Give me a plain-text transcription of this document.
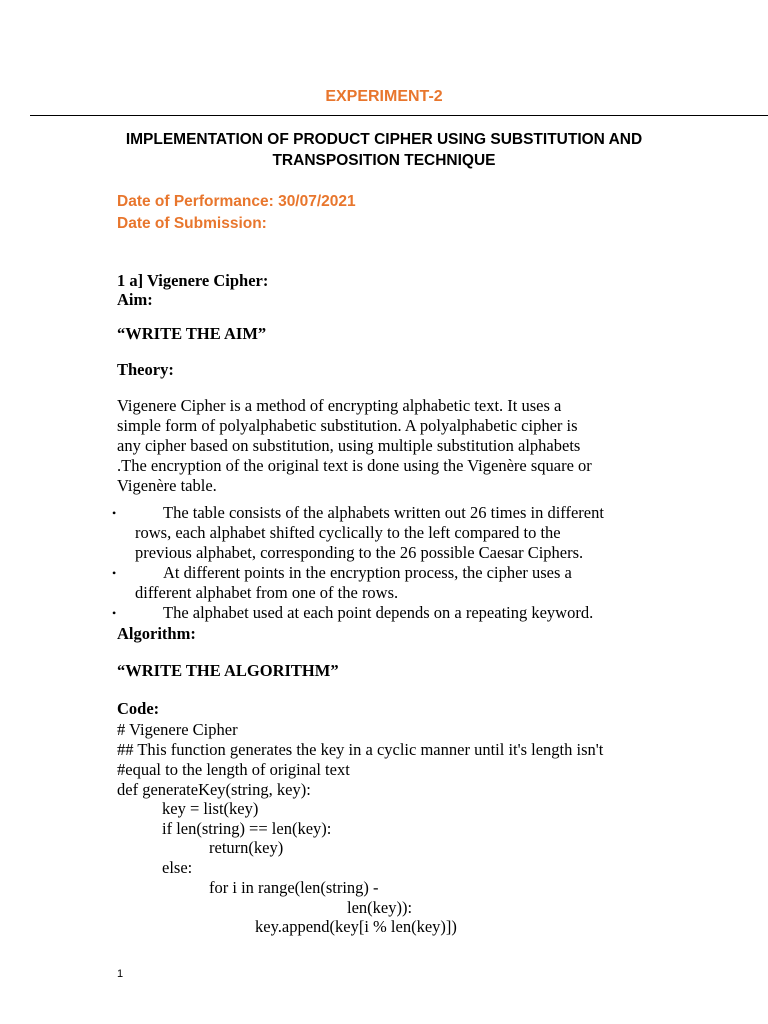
EXPERIMENT-2
IMPLEMENTATION OF PRODUCT CIPHER USING SUBSTITUTION AND
TRANSPOSITION TECHNIQUE
Date of Performance: 30/07/2021
Date of Submission:
1 a] Vigenere Cipher:
Aim:
“WRITE THE AIM”
Theory:
Vigenere Cipher is a method of encrypting alphabetic text. It uses a
simple form of polyalphabetic substitution. A polyalphabetic cipher is
any cipher based on substitution, using multiple substitution alphabets
.The encryption of the original text is done using the Vigenère square or
Vigenère table.
•	The table consists of the alphabets written out 26 times in different
rows, each alphabet shifted cyclically to the left compared to the
previous alphabet, corresponding to the 26 possible Caesar Ciphers.
•	At different points in the encryption process, the cipher uses a
different alphabet from one of the rows.
•	The alphabet used at each point depends on a repeating keyword.
Algorithm:
“WRITE THE ALGORITHM”
Code:
# Vigenere Cipher
## This function generates the key in a cyclic manner until it's length isn't
#equal to the length of original text
def generateKey(string, key):
key = list(key)
if len(string) == len(key):
return(key)
else:
for i in range(len(string) -
len(key)):
key.append(key[i % len(key)])
1
